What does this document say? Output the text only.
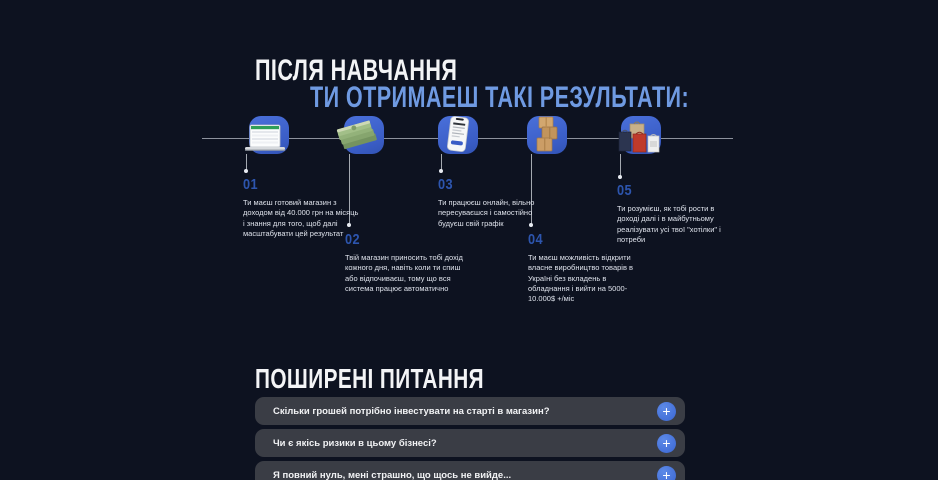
ПІСЛЯ НАВЧАННЯ
ТИ ОТРИМАЕШ ТАКІ РЕЗУЛЬТАТИ:
01
Ти маєш готовий магазин з доходом від 40.000 грн на місяць і знання для того, щоб далі масштабувати цей результат 02
Твій магазин приносить тобі дохід кожного дня, навіть коли ти спиш або відпочиваєш, тому що вся система працює автоматично
03
Ти працюєш онлайн, вільно пересуваєшся і самостійно будуєш свій графік
04
Ти маєш можливість відкрити власне виробництво товарів в Україні без вкладень в обладнання і вийти на 5000-10.000$ +/міс
05
Ти розумієш, як тобі рости в доході далі і в майбутньому реалізувати усі твої "хотілки" і потреби
ПОШИРЕНІ ПИТАННЯ
Скільки грошей потрібно інвестувати на старті в магазин?	+
Чи є якісь ризики в цьому бізнесі?	+
Я повний нуль, мені страшно, що щось не вийде...	+
